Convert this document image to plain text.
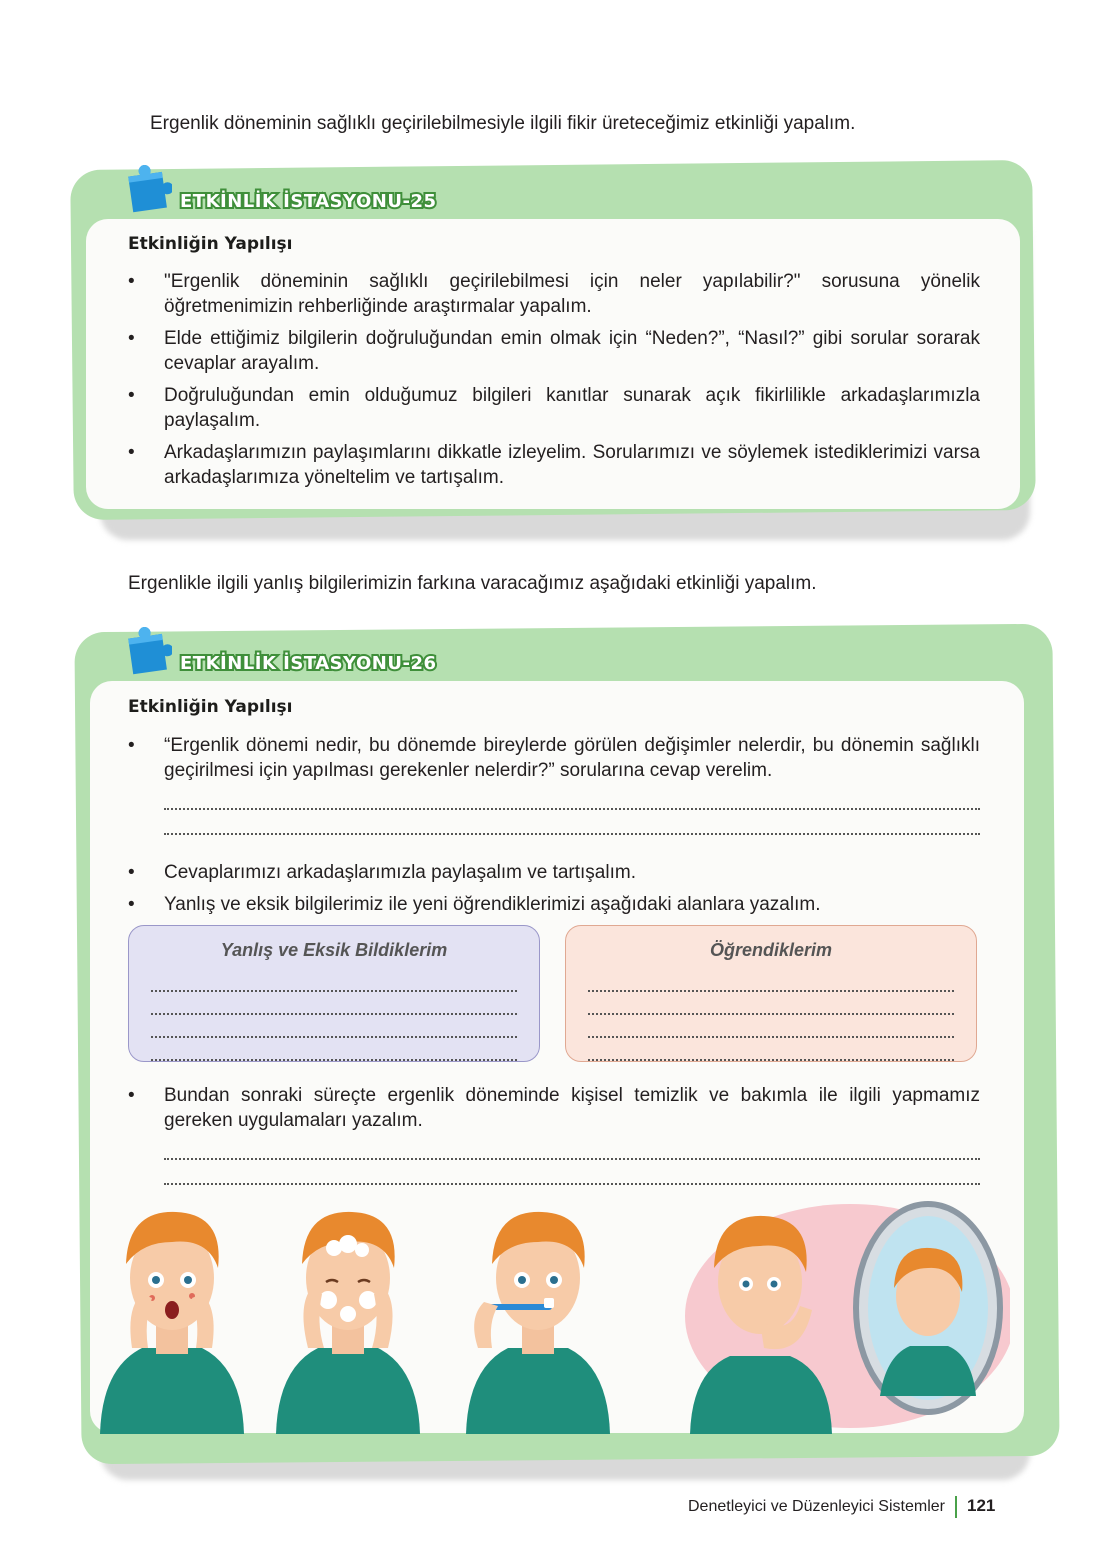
Ergenlik döneminin sağlıklı geçirilebilmesiyle ilgili fikir üreteceğimiz etkinliği yapalım.
ETKİNLİK İSTASYONU-25
Etkinliğin Yapılışı
• "Ergenlik döneminin sağlıklı geçirilebilmesi için neler yapılabilir?" sorusuna yönelik öğretmenimizin rehberliğinde araştırmalar yapalım.
• Elde ettiğimiz bilgilerin doğruluğundan emin olmak için “Neden?”, “Nasıl?” gibi sorular sorarak cevaplar arayalım.
• Doğruluğundan emin olduğumuz bilgileri kanıtlar sunarak açık fikirlilikle arkadaşlarımızla paylaşalım.
• Arkadaşlarımızın paylaşımlarını dikkatle izleyelim. Sorularımızı ve söylemek istediklerimizi varsa arkadaşlarımıza yöneltelim ve tartışalım.
Ergenlikle ilgili yanlış bilgilerimizin farkına varacağımız aşağıdaki etkinliği yapalım.
ETKİNLİK İSTASYONU-26
Etkinliğin Yapılışı
• “Ergenlik dönemi nedir, bu dönemde bireylerde görülen değişimler nelerdir, bu dönemin sağlıklı geçirilmesi için yapılması gerekenler nelerdir?” sorularına cevap verelim.
• Cevaplarımızı arkadaşlarımızla paylaşalım ve tartışalım.
• Yanlış ve eksik bilgilerimiz ile yeni öğrendiklerimizi aşağıdaki alanlara yazalım.
Yanlış ve Eksik Bildiklerim	Öğrendiklerim
• Bundan sonraki süreçte ergenlik döneminde kişisel temizlik ve bakımla ile ilgili yapmamız gereken uygulamaları yazalım.
Denetleyici ve Düzenleyici Sistemler 121
